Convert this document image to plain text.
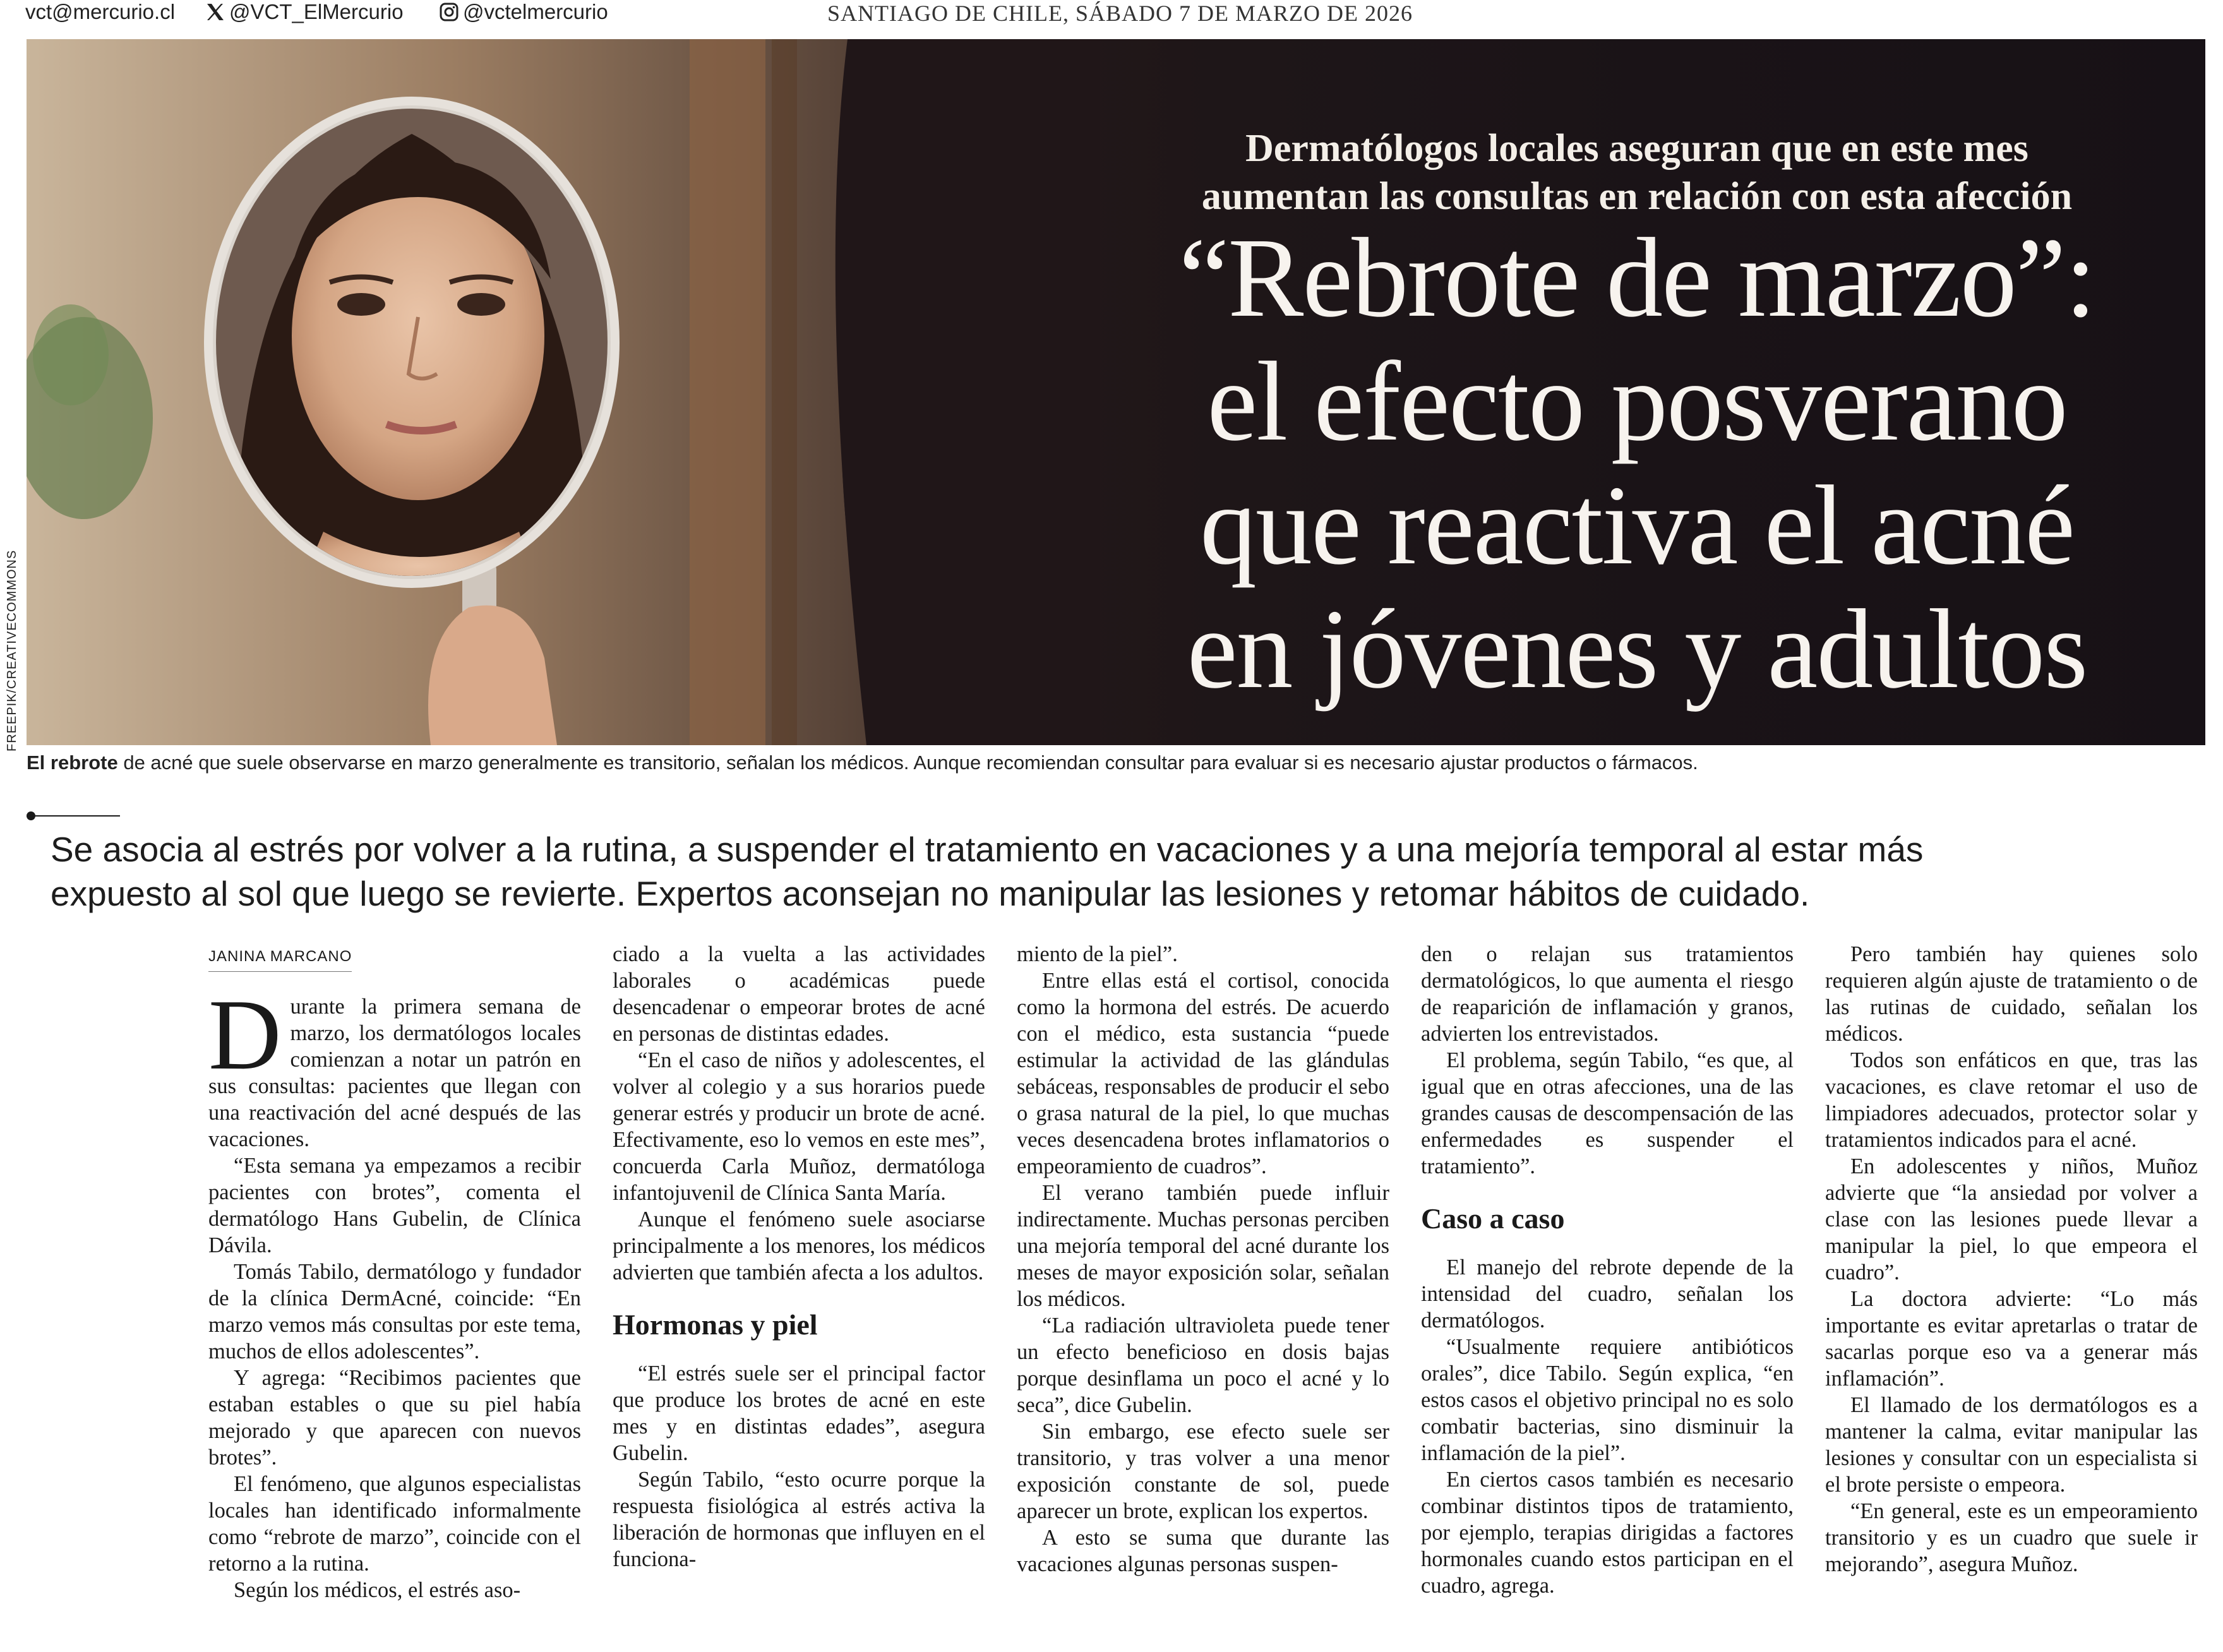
vct@mercurio.cl	@VCT_ElMercurio	@vctelmercurio	SANTIAGO DE CHILE, SÁBADO 7 DE MARZO DE 2026
Dermatólogos locales aseguran que en este mes
aumentan las consultas en relación con esta afección
“Rebrote de marzo”:
el efecto posverano
que reactiva el acné
en jóvenes y adultos
FREEPIK/CREATIVECOMMONS
El rebrote de acné que suele observarse en marzo generalmente es transitorio, señalan los médicos. Aunque recomiendan consultar para evaluar si es necesario ajustar productos o fármacos.
Se asocia al estrés por volver a la rutina, a suspender el tratamiento en vacaciones y a una mejoría temporal al estar más
expuesto al sol que luego se revierte. Expertos aconsejan no manipular las lesiones y retomar hábitos de cuidado.
JANINA MARCANO

Durante la primera semana de marzo, los dermatólogos locales comienzan a notar un patrón en sus consultas: pacientes que llegan con una reactivación del acné después de las vacaciones.

“Esta semana ya empezamos a recibir pacientes con brotes”, comenta el dermatólogo Hans Gubelin, de Clínica Dávila.

Tomás Tabilo, dermatólogo y fundador de la clínica DermAcné, coincide: “En marzo vemos más consultas por este tema, muchos de ellos adolescentes”.

Y agrega: “Recibimos pacientes que estaban estables o que su piel había mejorado y que aparecen con nuevos brotes”.

El fenómeno, que algunos especialistas locales han identificado informalmente como “rebrote de marzo”, coincide con el retorno a la rutina.

Según los médicos, el estrés aso-

ciado a la vuelta a las actividades laborales o académicas puede desencadenar o empeorar brotes de acné en personas de distintas edades.

“En el caso de niños y adolescentes, el volver al colegio y a sus horarios puede generar estrés y producir un brote de acné. Efectivamente, eso lo vemos en este mes”, concuerda Carla Muñoz, dermatóloga infantojuvenil de Clínica Santa María.

Aunque el fenómeno suele asociarse principalmente a los menores, los médicos advierten que también afecta a los adultos.

Hormonas y piel

“El estrés suele ser el principal factor que produce los brotes de acné en este mes y en distintas edades”, asegura Gubelin.

Según Tabilo, “esto ocurre porque la respuesta fisiológica al estrés activa la liberación de hormonas que influyen en el funciona-

miento de la piel”.

Entre ellas está el cortisol, conocida como la hormona del estrés. De acuerdo con el médico, esta sustancia “puede estimular la actividad de las glándulas sebáceas, responsables de producir el sebo o grasa natural de la piel, lo que muchas veces desencadena brotes inflamatorios o empeoramiento de cuadros”.

El verano también puede influir indirectamente. Muchas personas perciben una mejoría temporal del acné durante los meses de mayor exposición solar, señalan los médicos.

“La radiación ultravioleta puede tener un efecto beneficioso en dosis bajas porque desinflama un poco el acné y lo seca”, dice Gubelin.

Sin embargo, ese efecto suele ser transitorio, y tras volver a una menor exposición constante de sol, puede aparecer un brote, explican los expertos.

A esto se suma que durante las vacaciones algunas personas suspen-

den o relajan sus tratamientos dermatológicos, lo que aumenta el riesgo de reaparición de inflamación y granos, advierten los entrevistados.

El problema, según Tabilo, “es que, al igual que en otras afecciones, una de las grandes causas de descompensación de las enfermedades es suspender el tratamiento”.

Caso a caso

El manejo del rebrote depende de la intensidad del cuadro, señalan los dermatólogos.

“Usualmente requiere antibióticos orales”, dice Tabilo. Según explica, “en estos casos el objetivo principal no es solo combatir bacterias, sino disminuir la inflamación de la piel”.

En ciertos casos también es necesario combinar distintos tipos de tratamiento, por ejemplo, terapias dirigidas a factores hormonales cuando estos participan en el cuadro, agrega.

Pero también hay quienes solo requieren algún ajuste de tratamiento o de las rutinas de cuidado, señalan los médicos.

Todos son enfáticos en que, tras las vacaciones, es clave retomar el uso de limpiadores adecuados, protector solar y tratamientos indicados para el acné.

En adolescentes y niños, Muñoz advierte que “la ansiedad por volver a clase con las lesiones puede llevar a manipular la piel, lo que empeora el cuadro”.

La doctora advierte: “Lo más importante es evitar apretarlas o tratar de sacarlas porque eso va a generar más inflamación”.

El llamado de los dermatólogos es a mantener la calma, evitar manipular las lesiones y consultar con un especialista si el brote persiste o empeora.

“En general, este es un empeoramiento transitorio y es un cuadro que suele ir mejorando”, asegura Muñoz.
